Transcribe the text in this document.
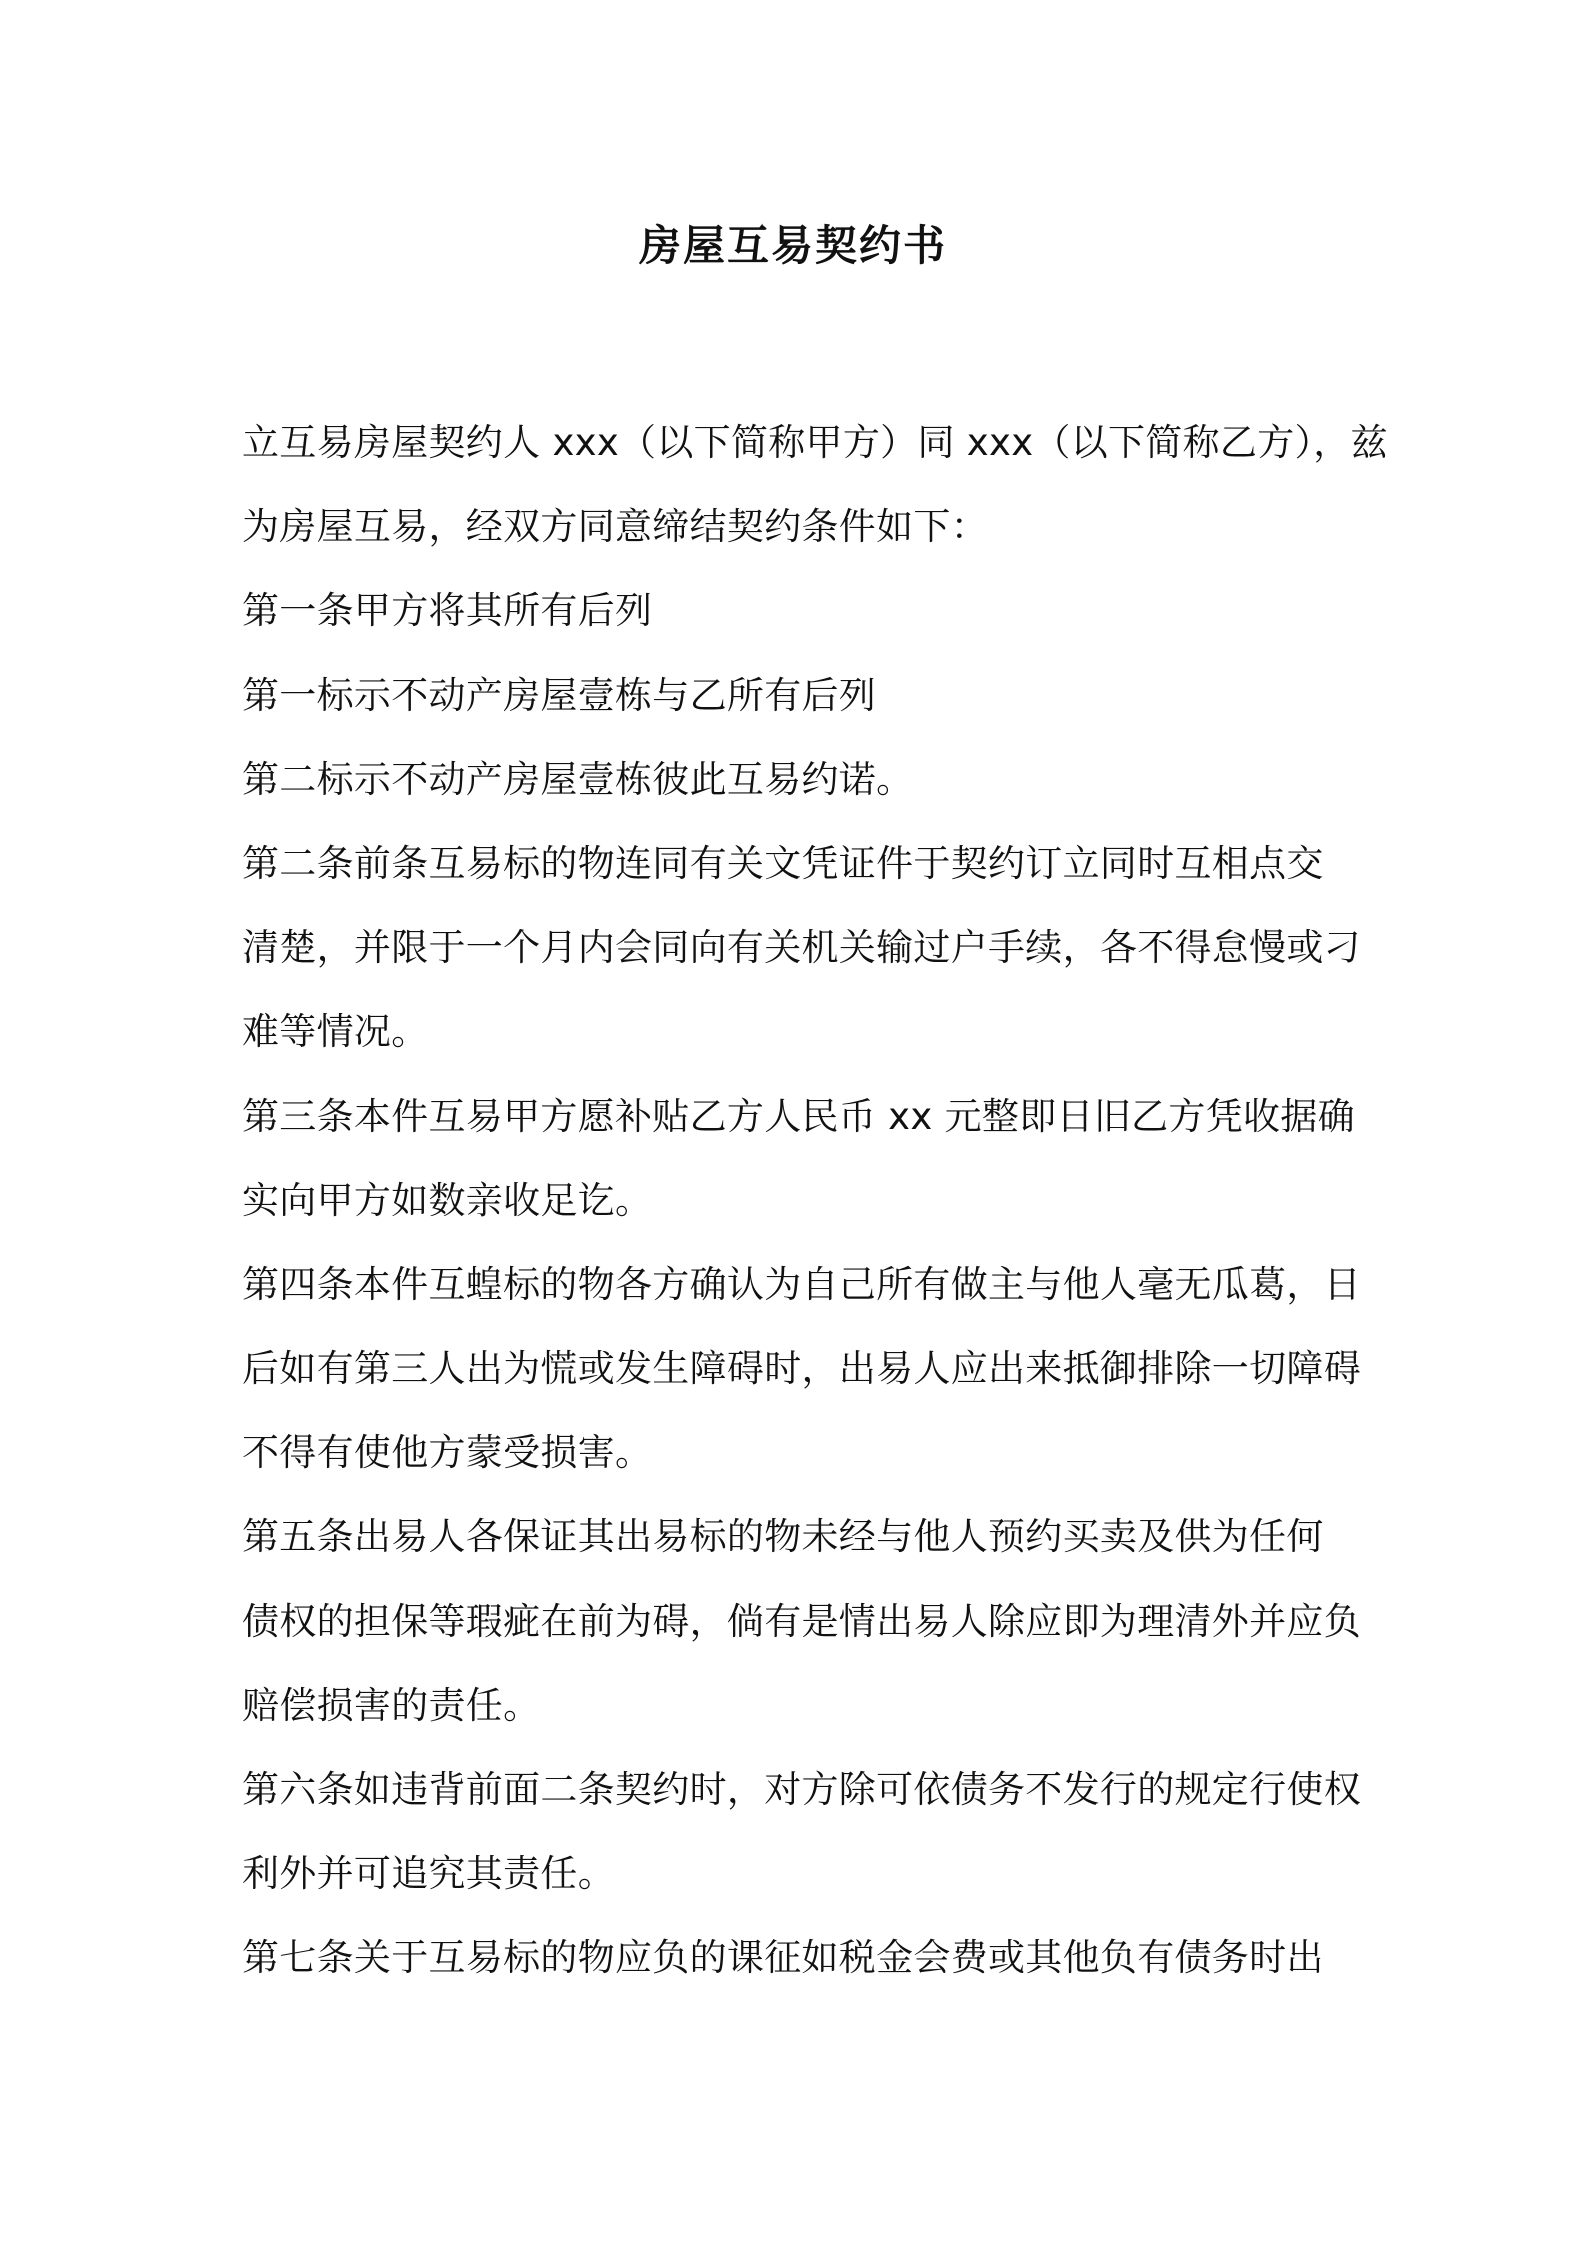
房屋互易契约书
立互易房屋契约人 xxx（以下简称甲方）同 xxx（以下简称乙方），兹
为房屋互易，经双方同意缔结契约条件如下：
第一条甲方将其所有后列
第一标示不动产房屋壹栋与乙所有后列
第二标示不动产房屋壹栋彼此互易约诺。
第二条前条互易标的物连同有关文凭证件于契约订立同时互相点交
清楚，并限于一个月内会同向有关机关输过户手续，各不得怠慢或刁
难等情况。
第三条本件互易甲方愿补贴乙方人民币 xx 元整即日旧乙方凭收据确
实向甲方如数亲收足讫。
第四条本件互蝗标的物各方确认为自己所有做主与他人毫无瓜葛，日
后如有第三人出为慌或发生障碍时，出易人应出来抵御排除一切障碍
不得有使他方蒙受损害。
第五条出易人各保证其出易标的物未经与他人预约买卖及供为任何
债权的担保等瑕疵在前为碍，倘有是情出易人除应即为理清外并应负
赔偿损害的责任。
第六条如违背前面二条契约时，对方除可依债务不发行的规定行使权
利外并可追究其责任。
第七条关于互易标的物应负的课征如税金会费或其他负有债务时出
